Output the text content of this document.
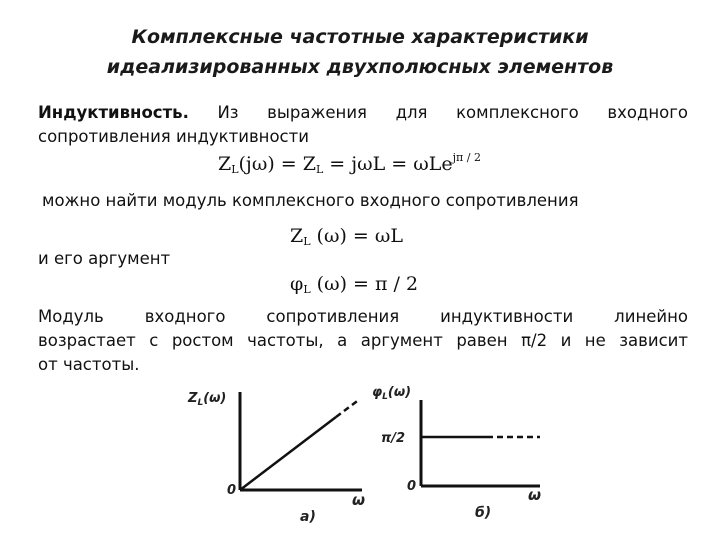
Комплексные частотные характеристики
идеализированных двухполюсных элементов
Индуктивность. Из выражения для комплексного входного
сопротивления индуктивности
$Z_L(j\omega) = Z_L = j\omega L = \omega Le^{j\pi / 2}$
можно найти модуль комплексного входного сопротивления
$Z_L$ (ω) = ωL
и его аргумент
$\varphi_L$ (ω) = π / 2
Модуль входного сопротивления индуктивности линейно
возрастает с ростом частоты, а аргумент равен π/2 и не зависит
от частоты.
$Z_L(\omega)$
0
ω
а)
$\varphi_L(\omega)$
π/2
0	ω
б)
